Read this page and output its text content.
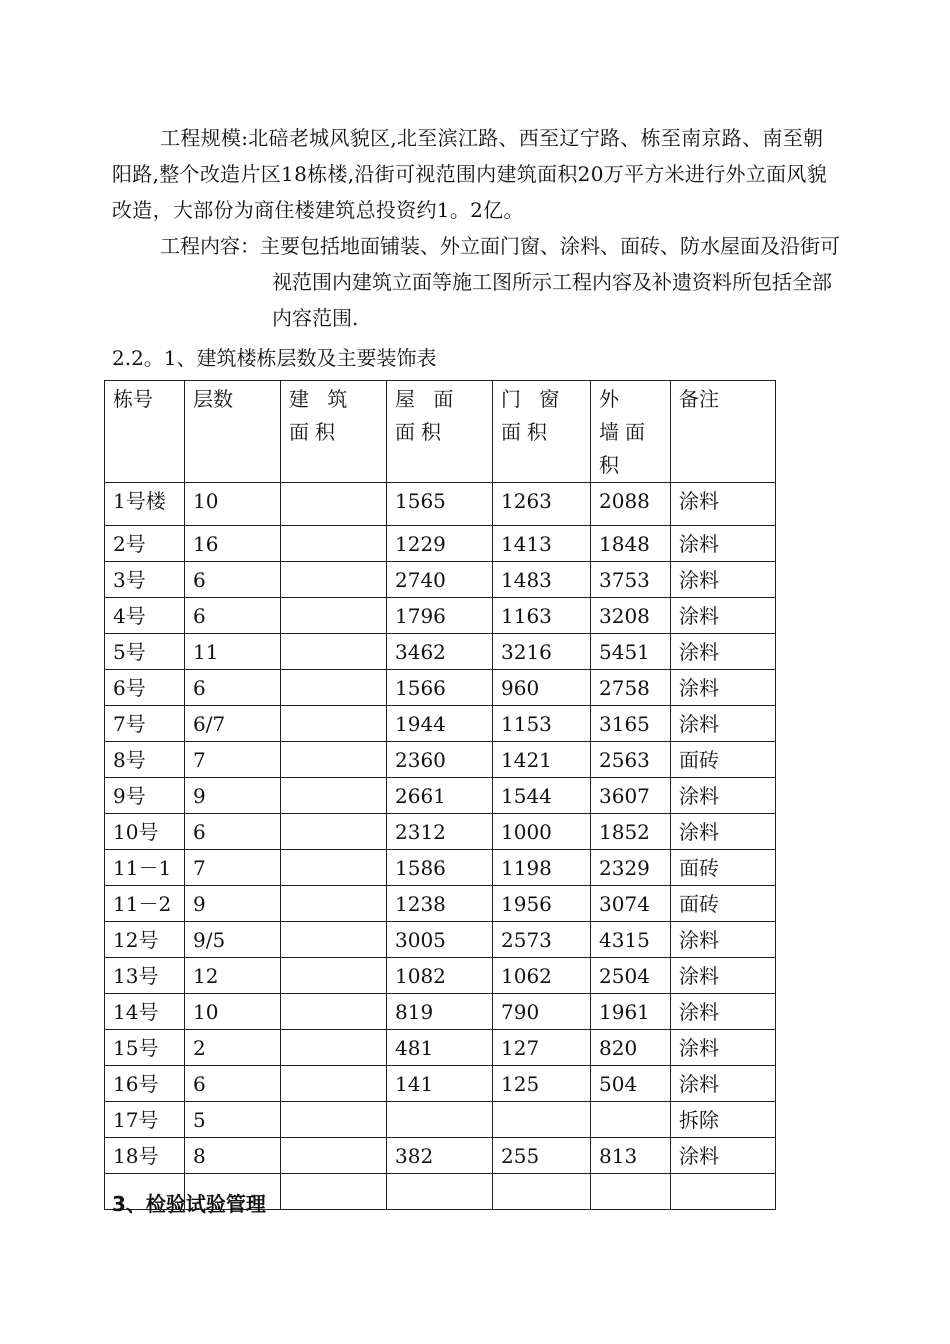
工程规模:北碚老城风貌区,北至滨江路、西至辽宁路、栋至南京路、南至朝阳路,整个改造片区18栋楼,沿街可视范围内建筑面积20万平方米进行外立面风貌改造，大部份为商住楼建筑总投资约1。2亿。
工程内容：主要包括地面铺装、外立面门窗、涂料、面砖、防水屋面及沿街可视范围内建筑立面等施工图所示工程内容及补遗资料所包括全部内容范围.
2.2。1、建筑楼栋层数及主要装饰表
栋号	层数	建 筑 面积	屋 面 面积	门 窗 面积	外 墙面积	备注
1号楼	10		1565	1263	2088	涂料
2号	16		1229	1413	1848	涂料
3号	6		2740	1483	3753	涂料
4号	6		1796	1163	3208	涂料
5号	11		3462	3216	5451	涂料
6号	6		1566	960	2758	涂料
7号	6/7		1944	1153	3165	涂料
8号	7		2360	1421	2563	面砖
9号	9		2661	1544	3607	涂料
10号	6		2312	1000	1852	涂料
11－1	7		1586	1198	2329	面砖
11－2	9		1238	1956	3074	面砖
12号	9/5		3005	2573	4315	涂料
13号	12		1082	1062	2504	涂料
14号	10		819	790	1961	涂料
15号	2		481	127	820	涂料
16号	6		141	125	504	涂料
17号	5					拆除
18号	8		382	255	813	涂料

3、检验试验管理
